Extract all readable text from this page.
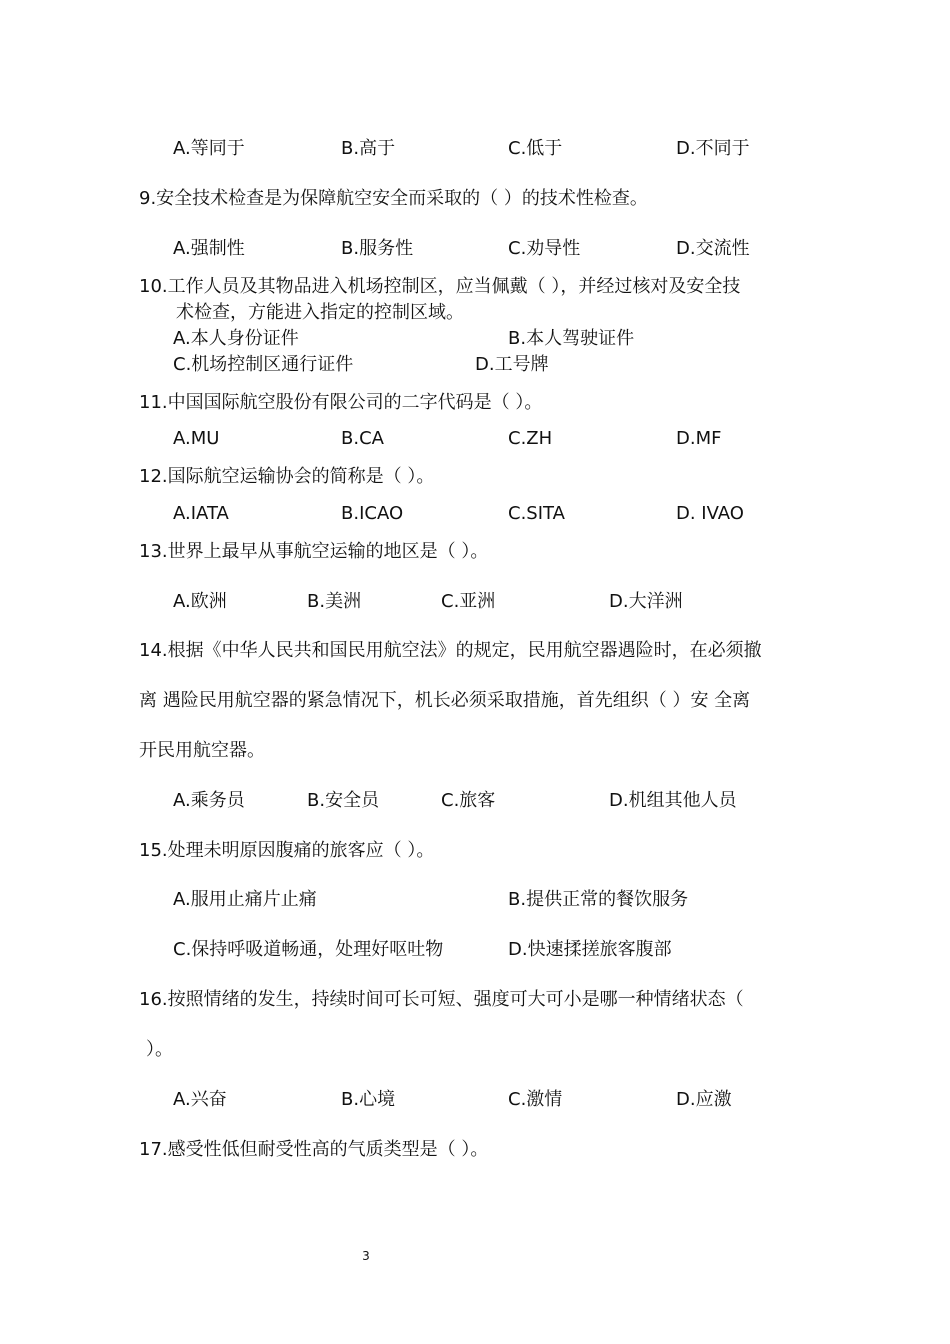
A.等同于	B.高于	C.低于	D.不同于
9.安全技术检查是为保障航空安全而采取的（ ）的技术性检查。
A.强制性	B.服务性	C.劝导性	D.交流性
10.工作人员及其物品进入机场控制区，应当佩戴（ ），并经过核对及安全技
术检查，方能进入指定的控制区域。
A.本人身份证件	B.本人驾驶证件
C.机场控制区通行证件	D.工号牌
11.中国国际航空股份有限公司的二字代码是（ ）。
A.MU	B.CA	C.ZH	D.MF
12.国际航空运输协会的简称是（ ）。
A.IATA	B.ICAO	C.SITA	D. IVAO
13.世界上最早从事航空运输的地区是（ ）。
A.欧洲	B.美洲	C.亚洲	D.大洋洲
14.根据《中华人民共和国民用航空法》的规定，民用航空器遇险时，在必须撤
离 遇险民用航空器的紧急情况下，机长必须采取措施，首先组织（ ）安 全离
开民用航空器。
A.乘务员	B.安全员	C.旅客	D.机组其他人员
15.处理未明原因腹痛的旅客应（ ）。
A.服用止痛片止痛	B.提供正常的餐饮服务
C.保持呼吸道畅通，处理好呕吐物	D.快速揉搓旅客腹部
16.按照情绪的发生，持续时间可长可短、强度可大可小是哪一种情绪状态（
）。
A.兴奋	B.心境	C.激情	D.应激
17.感受性低但耐受性高的气质类型是（ ）。
3
